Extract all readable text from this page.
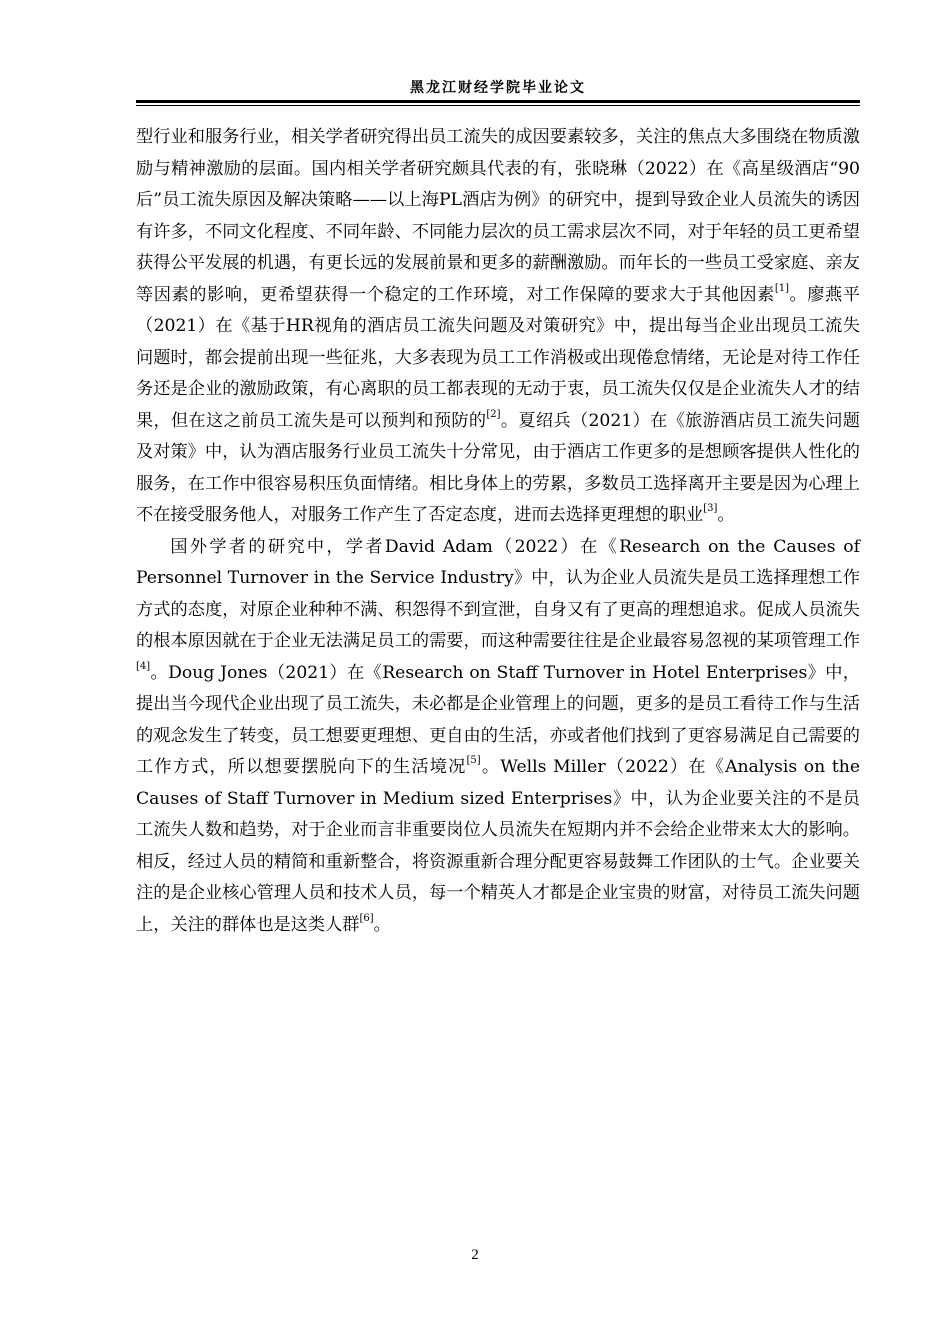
黑龙江财经学院毕业论文

型行业和服务行业，相关学者研究得出员工流失的成因要素较多，关注的焦点大多围绕在物质激励与精神激励的层面。国内相关学者研究颇具代表的有，张晓琳（2022）在《高星级酒店“90后”员工流失原因及解决策略——以上海PL酒店为例》的研究中，提到导致企业人员流失的诱因有许多，不同文化程度、不同年龄、不同能力层次的员工需求层次不同，对于年轻的员工更希望获得公平发展的机遇，有更长远的发展前景和更多的薪酬激励。而年长的一些员工受家庭、亲友等因素的影响，更希望获得一个稳定的工作环境，对工作保障的要求大于其他因素[1]。廖燕平（2021）在《基于HR视角的酒店员工流失问题及对策研究》中，提出每当企业出现员工流失问题时，都会提前出现一些征兆，大多表现为员工工作消极或出现倦怠情绪，无论是对待工作任务还是企业的激励政策，有心离职的员工都表现的无动于衷，员工流失仅仅是企业流失人才的结果，但在这之前员工流失是可以预判和预防的[2]。夏绍兵（2021）在《旅游酒店员工流失问题及对策》中，认为酒店服务行业员工流失十分常见，由于酒店工作更多的是想顾客提供人性化的服务，在工作中很容易积压负面情绪。相比身体上的劳累，多数员工选择离开主要是因为心理上不在接受服务他人，对服务工作产生了否定态度，进而去选择更理想的职业[3]。

国外学者的研究中，学者David Adam（2022）在《Research on the Causes of Personnel Turnover in the Service Industry》中，认为企业人员流失是员工选择理想工作方式的态度，对原企业种种不满、积怨得不到宣泄，自身又有了更高的理想追求。促成人员流失的根本原因就在于企业无法满足员工的需要，而这种需要往往是企业最容易忽视的某项管理工作[4]。Doug Jones（2021）在《Research on Staff Turnover in Hotel Enterprises》中，提出当今现代企业出现了员工流失，未必都是企业管理上的问题，更多的是员工看待工作与生活的观念发生了转变，员工想要更理想、更自由的生活，亦或者他们找到了更容易满足自己需要的工作方式，所以想要摆脱向下的生活境况[5]。Wells Miller（2022）在《Analysis on the Causes of Staff Turnover in Medium sized Enterprises》中，认为企业要关注的不是员工流失人数和趋势，对于企业而言非重要岗位人员流失在短期内并不会给企业带来太大的影响。相反，经过人员的精简和重新整合，将资源重新合理分配更容易鼓舞工作团队的士气。企业要关注的是企业核心管理人员和技术人员，每一个精英人才都是企业宝贵的财富，对待员工流失问题上，关注的群体也是这类人群[6]。

2
